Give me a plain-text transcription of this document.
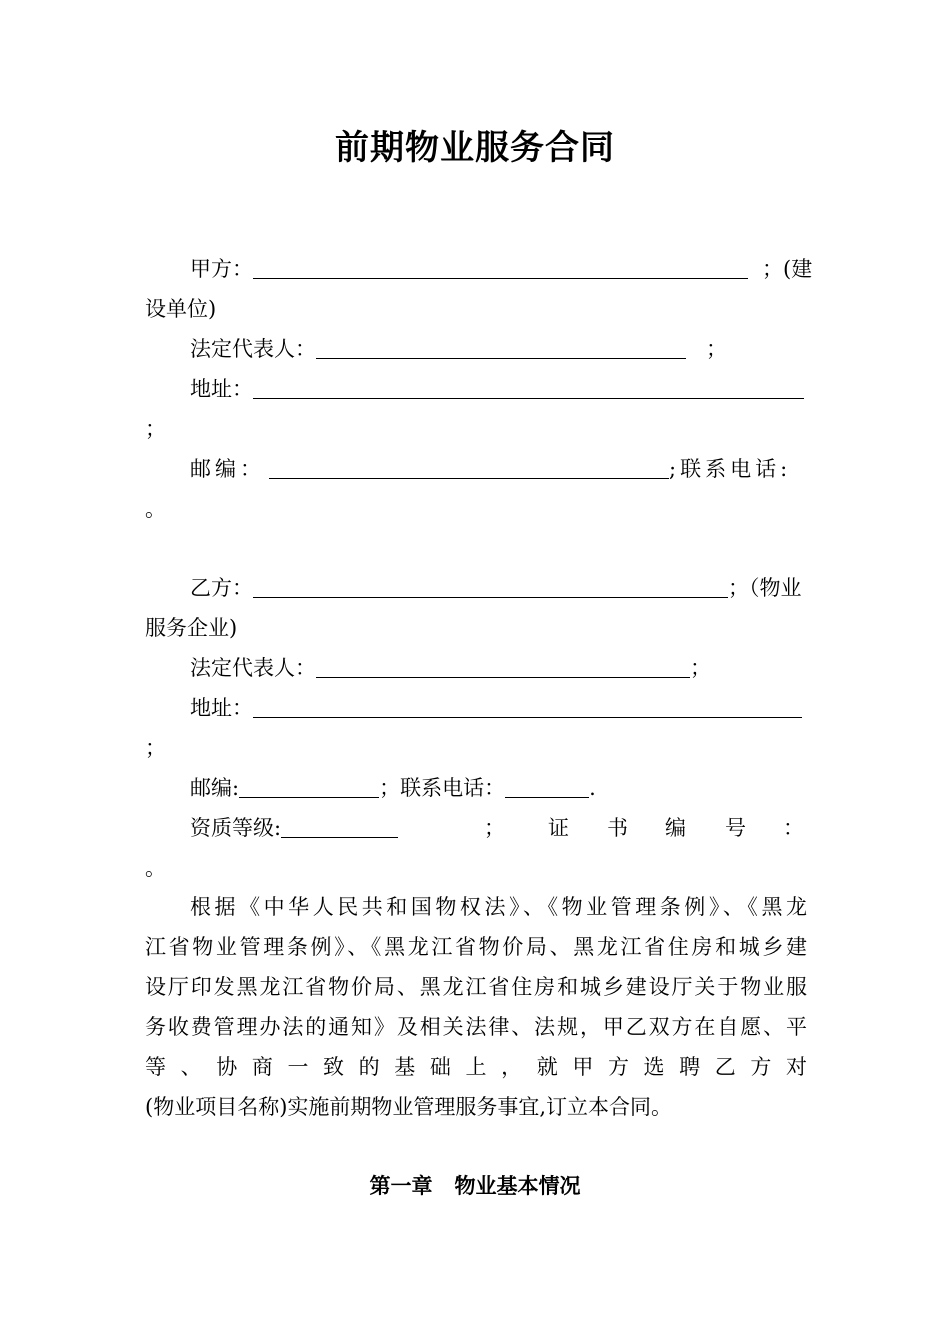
前期物业服务合同
甲方：	；(建
设单位)
法定代表人：	；
地址：
；
邮编：	;联系电话:
。
乙方：	；（物业
服务企业)
法定代表人：	；
地址：
；
邮编:	；联系电话：	.
资质等级:	； 证 书 编 号 ：
。
根据《中华人民共和国物权法》、《物业管理条例》、《黑龙
江省物业管理条例》、《黑龙江省物价局、黑龙江省住房和城乡建
设厅印发黑龙江省物价局、黑龙江省住房和城乡建设厅关于物业服
务收费管理办法的通知》及相关法律、法规，甲乙双方在自愿、平
等、协商一致的基础上，就甲方选聘乙方对
(物业项目名称)实施前期物业管理服务事宜,订立本合同。
第一章 物业基本情况
